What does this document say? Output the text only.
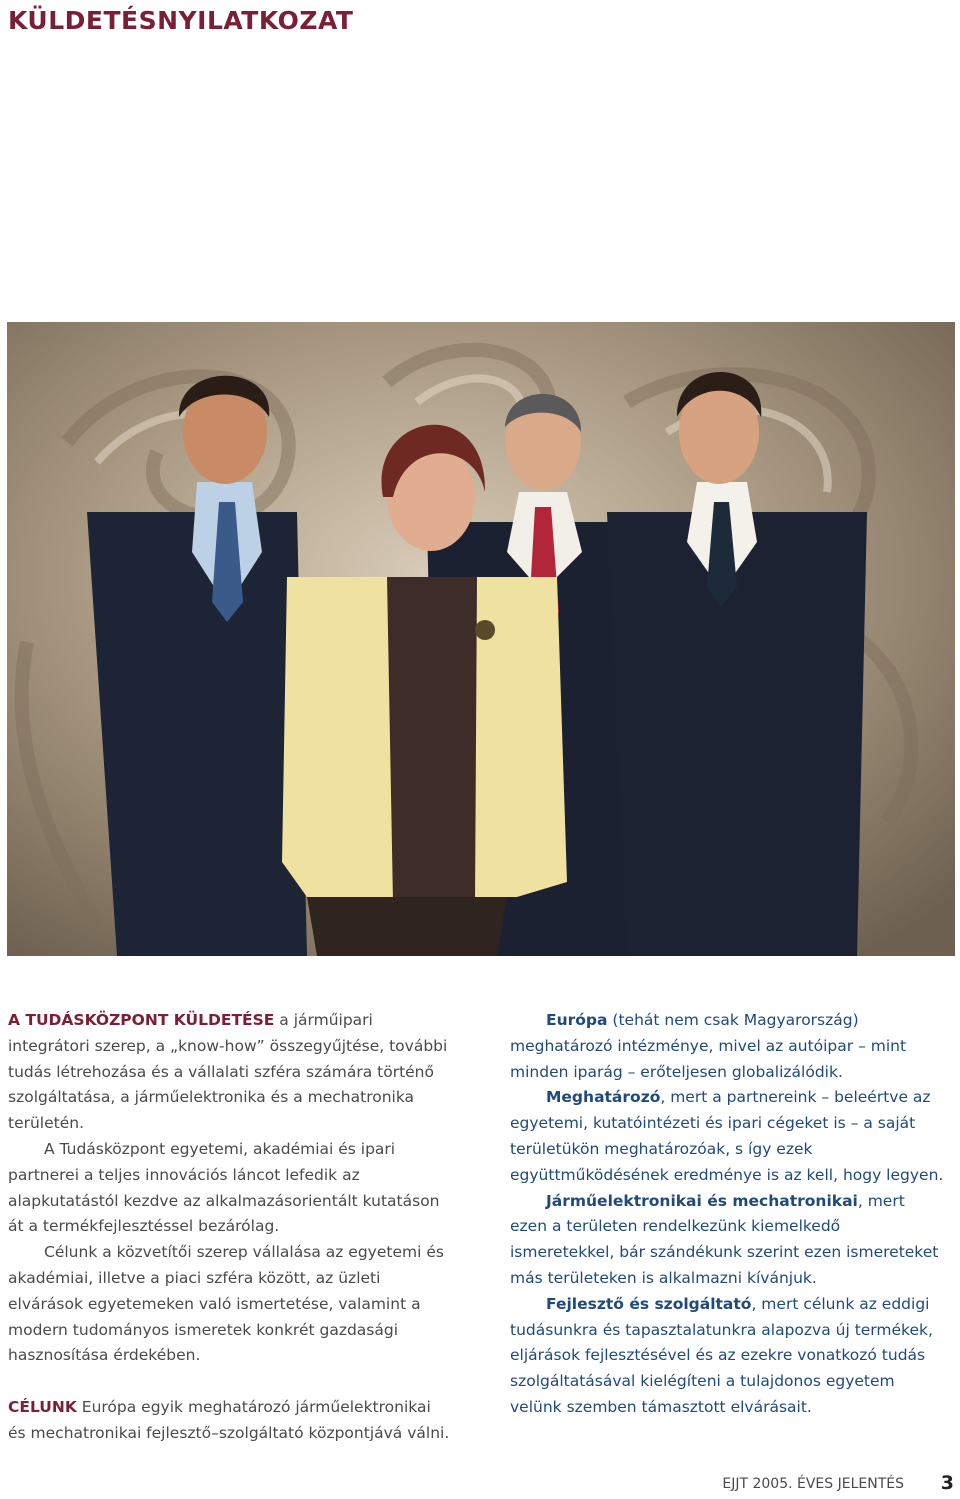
KÜLDETÉSNYILATKOZAT

A TUDÁSKÖZPONT KÜLDETÉSE a járműipari integrátori szerep, a „know-how” összegyűjtése, további tudás létrehozása és a vállalati szféra számára történő szolgáltatása, a járműelektronika és a mechatronika területén.

A Tudásközpont egyetemi, akadémiai és ipari partnerei a teljes innovációs láncot lefedik az alapkutatástól kezdve az alkalmazásorientált kutatáson át a termékfejlesztéssel bezárólag.

Célunk a közvetítői szerep vállalása az egyetemi és akadémiai, illetve a piaci szféra között, az üzleti elvárások egyetemeken való ismertetése, valamint a modern tudományos ismeretek konkrét gazdasági hasznosítása érdekében.

CÉLUNK Európa egyik meghatározó járműelektronikai és mechatronikai fejlesztő–szolgáltató központjává válni.

Európa (tehát nem csak Magyarország) meghatározó intézménye, mivel az autóipar – mint minden iparág – erőteljesen globalizálódik.

Meghatározó, mert a partnereink – beleértve az egyetemi, kutatóintézeti és ipari cégeket is – a saját területükön meghatározóak, s így ezek együttműködésének eredménye is az kell, hogy legyen.

Járműelektronikai és mechatronikai, mert ezen a területen rendelkezünk kiemelkedő ismeretekkel, bár szándékunk szerint ezen ismereteket más területeken is alkalmazni kívánjuk.

Fejlesztő és szolgáltató, mert célunk az eddigi tudásunkra és tapasztalatunkra alapozva új termékek, eljárások fejlesztésével és az ezekre vonatkozó tudás szolgáltatásával kielégíteni a tulajdonos egyetem velünk szemben támasztott elvárásait.

EJJT 2005. ÉVES JELENTÉS 3
